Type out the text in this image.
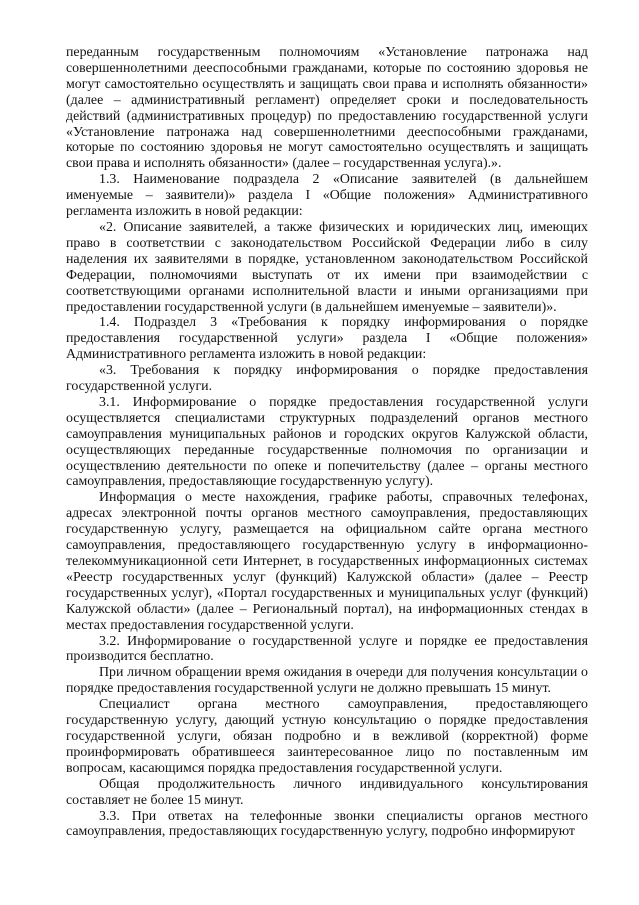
переданным государственным полномочиям «Установление патронажа над совершеннолетними дееспособными гражданами, которые по состоянию здоровья не могут самостоятельно осуществлять и защищать свои права и исполнять обязанности» (далее – административный регламент) определяет сроки и последовательность действий (административных процедур) по предоставлению государственной услуги «Установление патронажа над совершеннолетними дееспособными гражданами, которые по состоянию здоровья не могут самостоятельно осуществлять и защищать свои права и исполнять обязанности» (далее – государственная услуга).».

1.3. Наименование подраздела 2 «Описание заявителей (в дальнейшем именуемые – заявители)» раздела I «Общие положения» Административного регламента изложить в новой редакции:

«2. Описание заявителей, а также физических и юридических лиц, имеющих право в соответствии с законодательством Российской Федерации либо в силу наделения их заявителями в порядке, установленном законодательством Российской Федерации, полномочиями выступать от их имени при взаимодействии с соответствующими органами исполнительной власти и иными организациями при предоставлении государственной услуги (в дальнейшем именуемые – заявители)».

1.4. Подраздел 3 «Требования к порядку информирования о порядке предоставления государственной услуги» раздела I «Общие положения» Административного регламента изложить в новой редакции:

«3. Требования к порядку информирования о порядке предоставления государственной услуги.

3.1. Информирование о порядке предоставления государственной услуги осуществляется специалистами структурных подразделений органов местного самоуправления муниципальных районов и городских округов Калужской области, осуществляющих переданные государственные полномочия по организации и осуществлению деятельности по опеке и попечительству (далее – органы местного самоуправления, предоставляющие государственную услугу).

Информация о месте нахождения, графике работы, справочных телефонах, адресах электронной почты органов местного самоуправления, предоставляющих государственную услугу, размещается на официальном сайте органа местного самоуправления, предоставляющего государственную услугу в информационно-телекоммуникационной сети Интернет, в государственных информационных системах «Реестр государственных услуг (функций) Калужской области» (далее – Реестр государственных услуг), «Портал государственных и муниципальных услуг (функций) Калужской области» (далее – Региональный портал), на информационных стендах в местах предоставления государственной услуги.

3.2. Информирование о государственной услуге и порядке ее предоставления производится бесплатно.

При личном обращении время ожидания в очереди для получения консультации о порядке предоставления государственной услуги не должно превышать 15 минут.

Специалист органа местного самоуправления, предоставляющего государственную услугу, дающий устную консультацию о порядке предоставления государственной услуги, обязан подробно и в вежливой (корректной) форме проинформировать обратившееся заинтересованное лицо по поставленным им вопросам, касающимся порядка предоставления государственной услуги.

Общая продолжительность личного индивидуального консультирования составляет не более 15 минут.

3.3. При ответах на телефонные звонки специалисты органов местного самоуправления, предоставляющих государственную услугу, подробно информируют
